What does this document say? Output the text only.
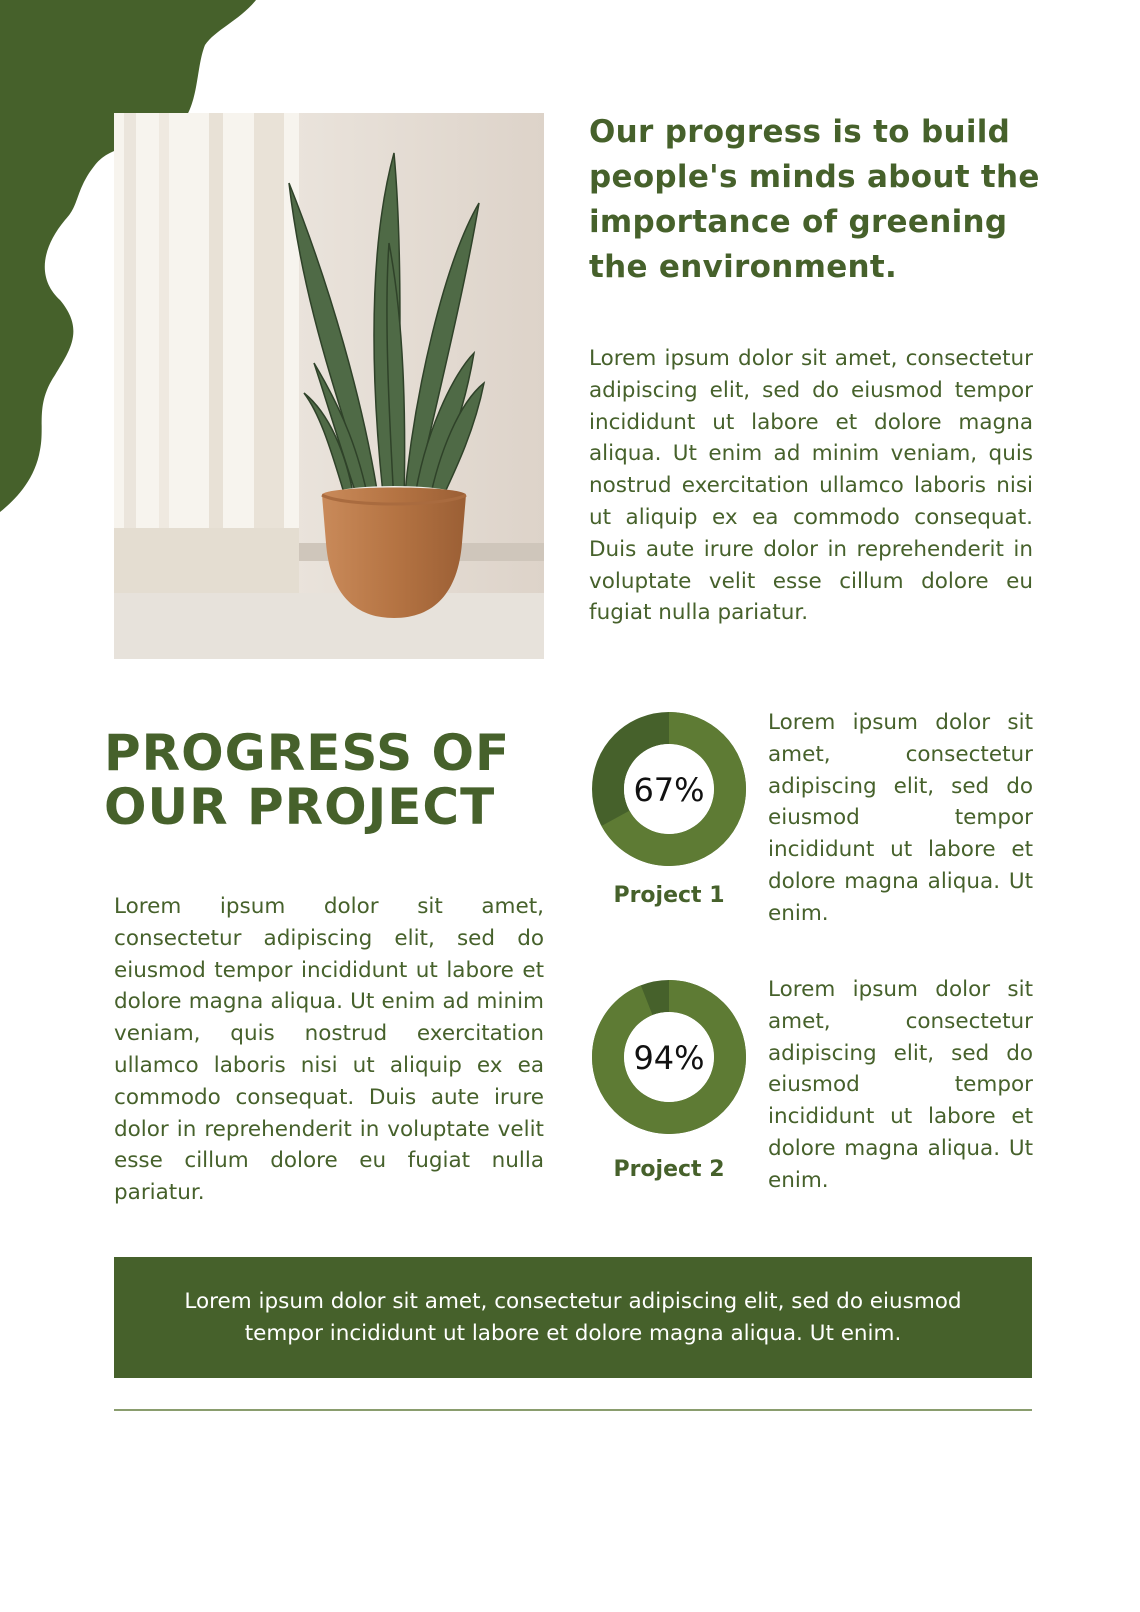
Our progress is to build people's minds about the importance of greening the environment.

Lorem ipsum dolor sit amet, consectetur adipiscing elit, sed do eiusmod tempor incididunt ut labore et dolore magna aliqua. Ut enim ad minim veniam, quis nostrud exercitation ullamco laboris nisi ut aliquip ex ea commodo consequat. Duis aute irure dolor in reprehenderit in voluptate velit esse cillum dolore eu fugiat nulla pariatur.

PROGRESS OF OUR PROJECT

Lorem ipsum dolor sit amet, consectetur adipiscing elit, sed do eiusmod tempor incididunt ut labore et dolore magna aliqua. Ut enim ad minim veniam, quis nostrud exercitation ullamco laboris nisi ut aliquip ex ea commodo consequat. Duis aute irure dolor in reprehenderit in voluptate velit esse cillum dolore eu fugiat nulla pariatur.

67%
Project 1

Lorem ipsum dolor sit amet, consectetur adipiscing elit, sed do eiusmod tempor incididunt ut labore et dolore magna aliqua. Ut enim.

94%
Project 2

Lorem ipsum dolor sit amet, consectetur adipiscing elit, sed do eiusmod tempor incididunt ut labore et dolore magna aliqua. Ut enim.

Lorem ipsum dolor sit amet, consectetur adipiscing elit, sed do eiusmod tempor incididunt ut labore et dolore magna aliqua. Ut enim.
